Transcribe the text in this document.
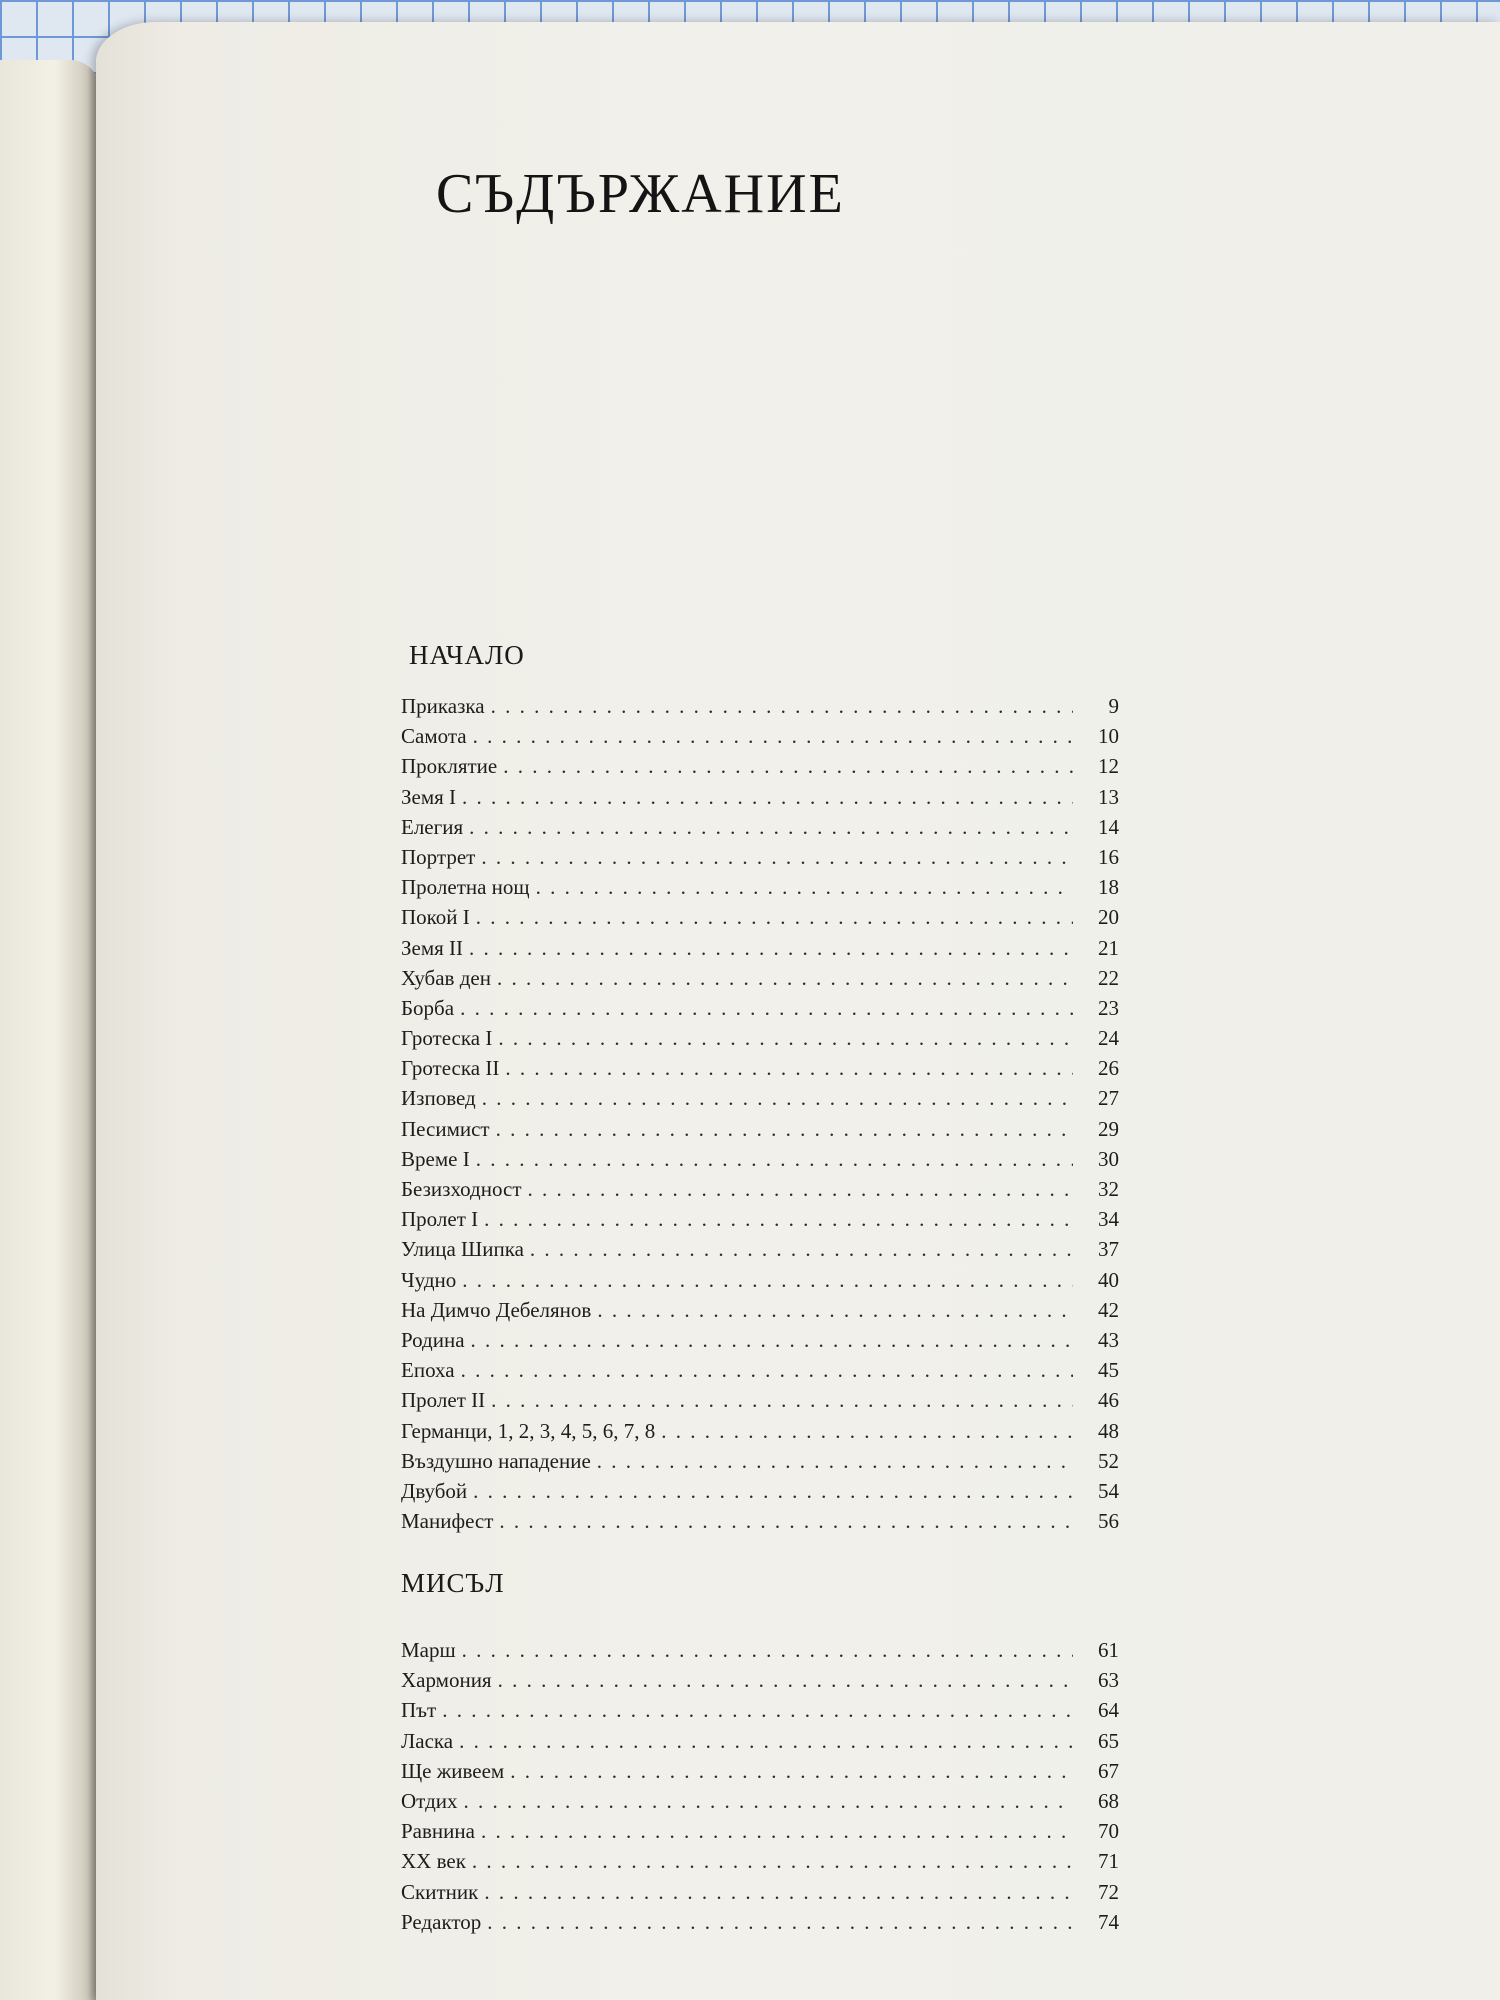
СЪДЪРЖАНИЕ
НАЧАЛО
Приказка . . .	9
Самота . . .	10
Проклятие . . .	12
Земя I . . .	13
Елегия . . .	14
Портрет . . .	16
Пролетна нощ . . .	18
Покой I . . .	20
Земя II . . .	21
Хубав ден . . .	22
Борба . . .	23
Гротеска I . . .	24
Гротеска II . . .	26
Изповед . . .	27
Песимист . . .	29
Време I . . .	30
Безизходност . . .	32
Пролет I . . .	34
Улица Шипка . . .	37
Чудно . . .	40
На Димчо Дебелянов . . .	42
Родина . . .	43
Епоха . . .	45
Пролет II . . .	46
Германци, 1, 2, 3, 4, 5, 6, 7, 8 . . .	48
Въздушно нападение . . .	52
Двубой . . .	54
Манифест . . .	56
МИСЪЛ
Марш . . .	61
Хармония . . .	63
Път . . .	64
Ласка . . .	65
Ще живеем . . .	67
Отдих . . .	68
Равнина . . .	70
XX век . . .	71
Скитник . . .	72
Редактор . . .	74
